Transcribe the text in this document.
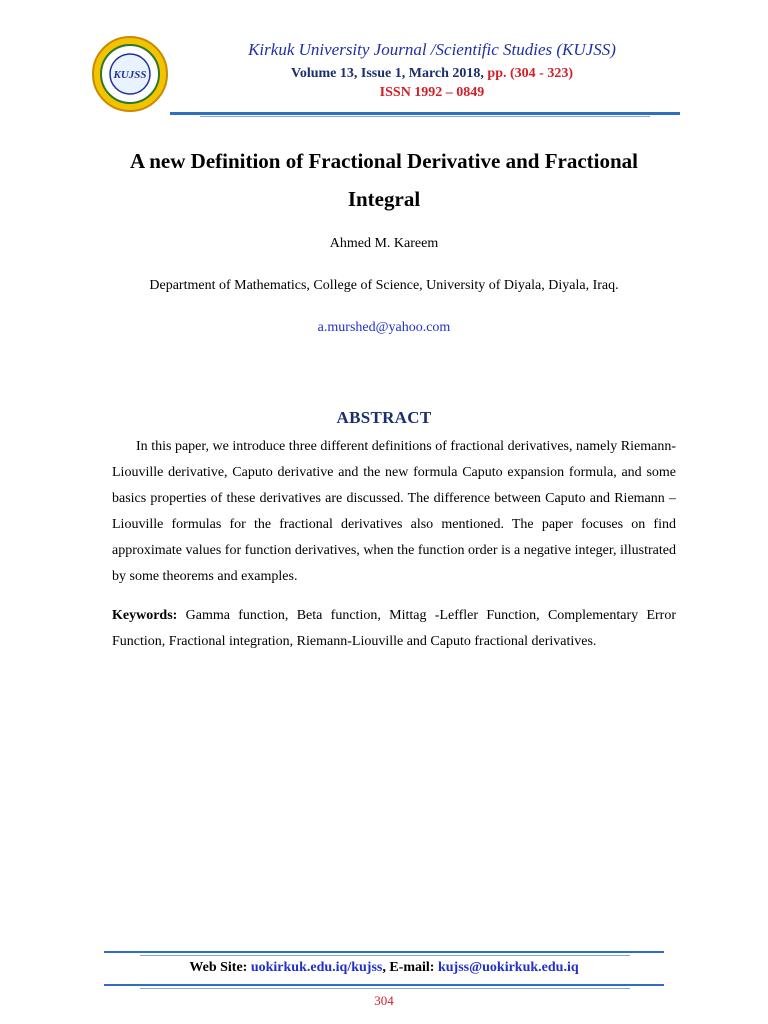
KUJSS
Kirkuk University Journal /Scientific Studies (KUJSS)
Volume 13, Issue 1, March 2018, pp. (304 - 323)
ISSN 1992 – 0849
A new Definition of Fractional Derivative and Fractional
Integral
Ahmed M. Kareem
Department of Mathematics, College of Science, University of Diyala, Diyala, Iraq.
a.murshed@yahoo.com
ABSTRACT
In this paper, we introduce three different definitions of fractional derivatives, namely Riemann-Liouville derivative, Caputo derivative and the new formula Caputo expansion formula, and some basics properties of these derivatives are discussed. The difference between Caputo and Riemann – Liouville formulas for the fractional derivatives also mentioned. The paper focuses on find approximate values for function derivatives, when the function order is a negative integer, illustrated by some theorems and examples.
Keywords: Gamma function, Beta function, Mittag -Leffler Function, Complementary Error Function, Fractional integration, Riemann-Liouville and Caputo fractional derivatives.
Web Site: uokirkuk.edu.iq/kujss, E-mail: kujss@uokirkuk.edu.iq
304
